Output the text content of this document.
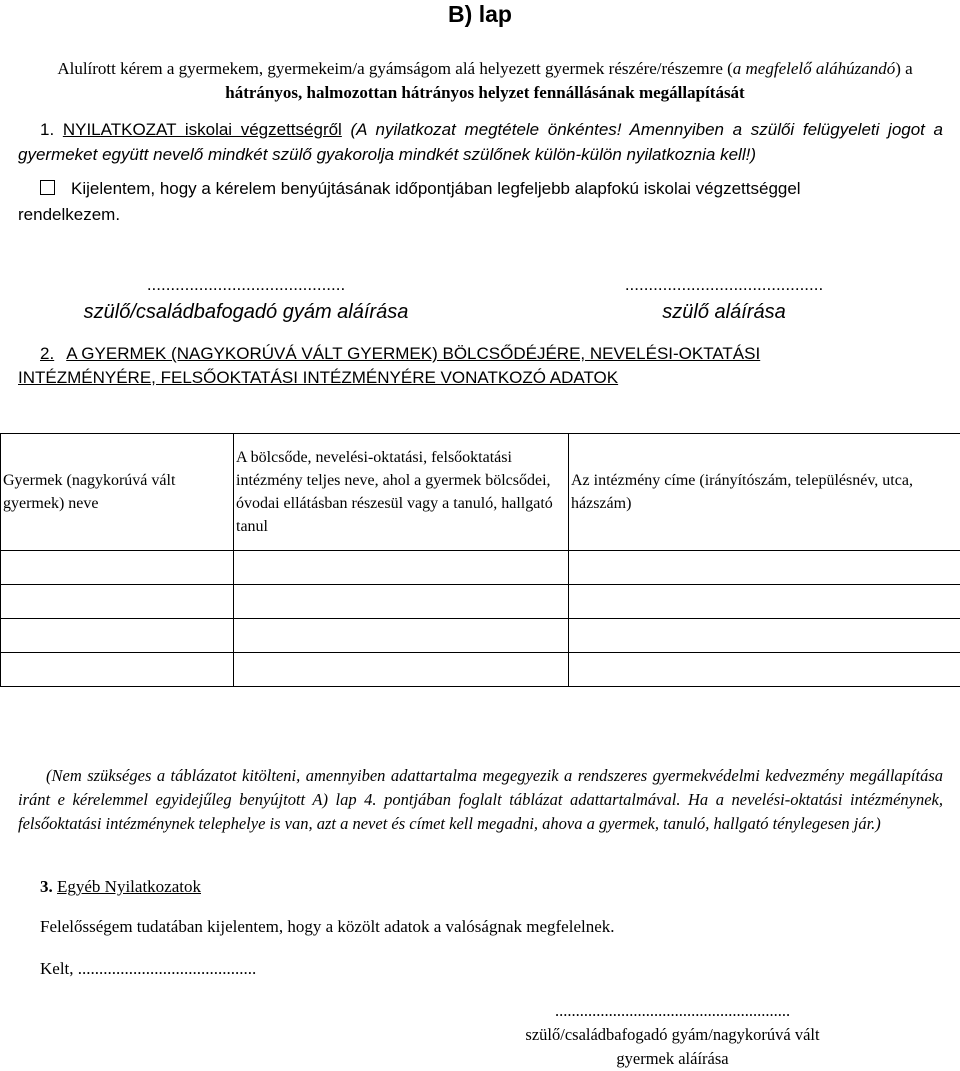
B) lap
Alulírott kérem a gyermekem, gyermekeim/a gyámságom alá helyezett gyermek részére/részemre (a megfelelő aláhúzandó) a hátrányos, halmozottan hátrányos helyzet fennállásának megállapítását
1. NYILATKOZAT iskolai végzettségről (A nyilatkozat megtétele önkéntes! Amennyiben a szülői felügyeleti jogot a gyermeket együtt nevelő mindkét szülő gyakorolja mindkét szülőnek külön-külön nyilatkoznia kell!)
Kijelentem, hogy a kérelem benyújtásának időpontjában legfeljebb alapfokú iskolai végzettséggel
rendelkezem.
..........................................	..........................................
szülő/családbafogadó gyám aláírása	szülő aláírása
2. A GYERMEK (NAGYKORÚVÁ VÁLT GYERMEK) BÖLCSŐDÉJÉRE, NEVELÉSI-OKTATÁSI
INTÉZMÉNYÉRE, FELSŐOKTATÁSI INTÉZMÉNYÉRE VONATKOZÓ ADATOK
Gyermek (nagykorúvá vált gyermek) neve	A bölcsőde, nevelési-oktatási, felsőoktatási intézmény teljes neve, ahol a gyermek bölcsődei, óvodai ellátásban részesül vagy a tanuló, hallgató tanul	Az intézmény címe (irányítószám, településnév, utca, házszám)

(Nem szükséges a táblázatot kitölteni, amennyiben adattartalma megegyezik a rendszeres gyermekvédelmi kedvezmény megállapítása iránt e kérelemmel egyidejűleg benyújtott A) lap 4. pontjában foglalt táblázat adattartalmával. Ha a nevelési-oktatási intézménynek, felsőoktatási intézménynek telephelye is van, azt a nevet és címet kell megadni, ahova a gyermek, tanuló, hallgató ténylegesen jár.)
3. Egyéb Nyilatkozatok
Felelősségem tudatában kijelentem, hogy a közölt adatok a valóságnak megfelelnek.
Kelt, ..........................................
.........................................................
szülő/családbafogadó gyám/nagykorúvá vált
gyermek aláírása
